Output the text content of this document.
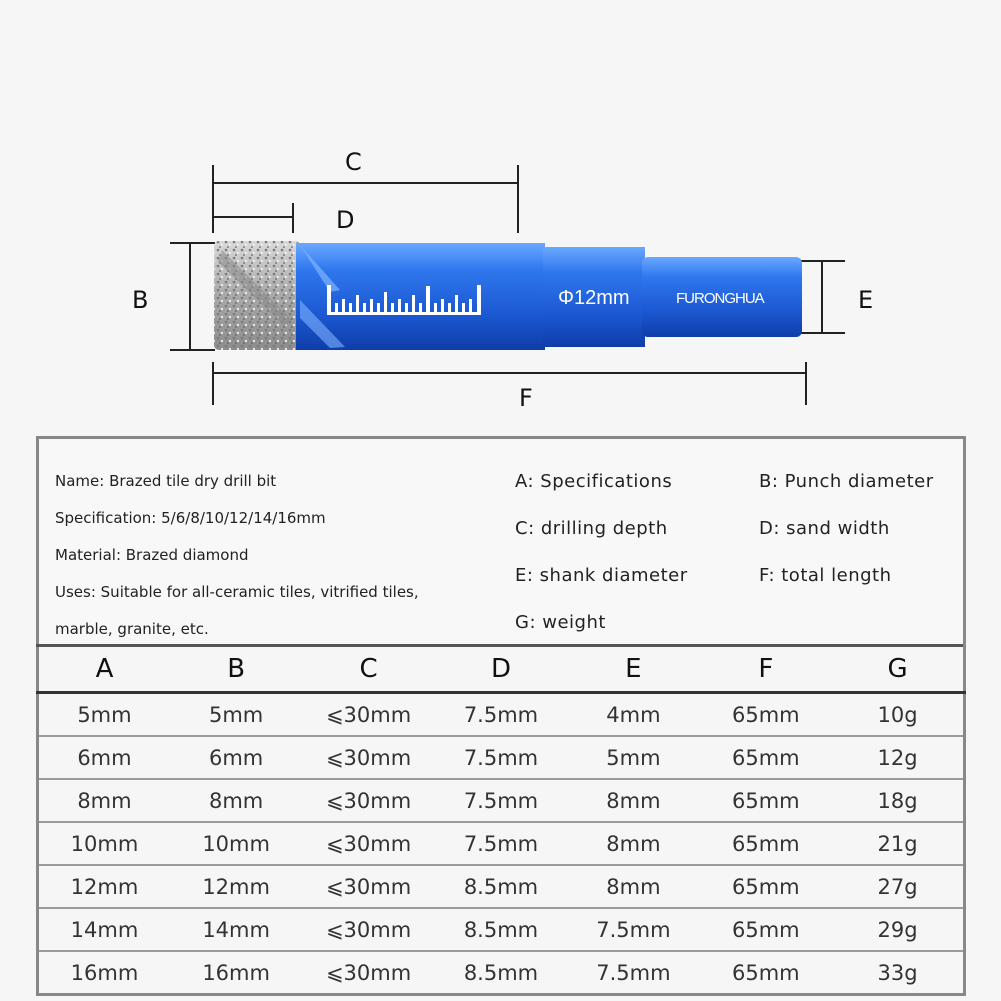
C
D
B	E
F
Φ12mm	FURONGHUA
Name: Brazed tile dry drill bit
Specification: 5/6/8/10/12/14/16mm
Material: Brazed diamond
Uses: Suitable for all-ceramic tiles, vitrified tiles,
marble, granite, etc.
A: Specifications	B: Punch diameter
C: drilling depth	D: sand width
E: shank diameter	F: total length
G: weight
A	B	C	D	E	F	G
5mm	5mm	⩽30mm	7.5mm	4mm	65mm	10g
6mm	6mm	⩽30mm	7.5mm	5mm	65mm	12g
8mm	8mm	⩽30mm	7.5mm	8mm	65mm	18g
10mm	10mm	⩽30mm	7.5mm	8mm	65mm	21g
12mm	12mm	⩽30mm	8.5mm	8mm	65mm	27g
14mm	14mm	⩽30mm	8.5mm	7.5mm	65mm	29g
16mm	16mm	⩽30mm	8.5mm	7.5mm	65mm	33g
